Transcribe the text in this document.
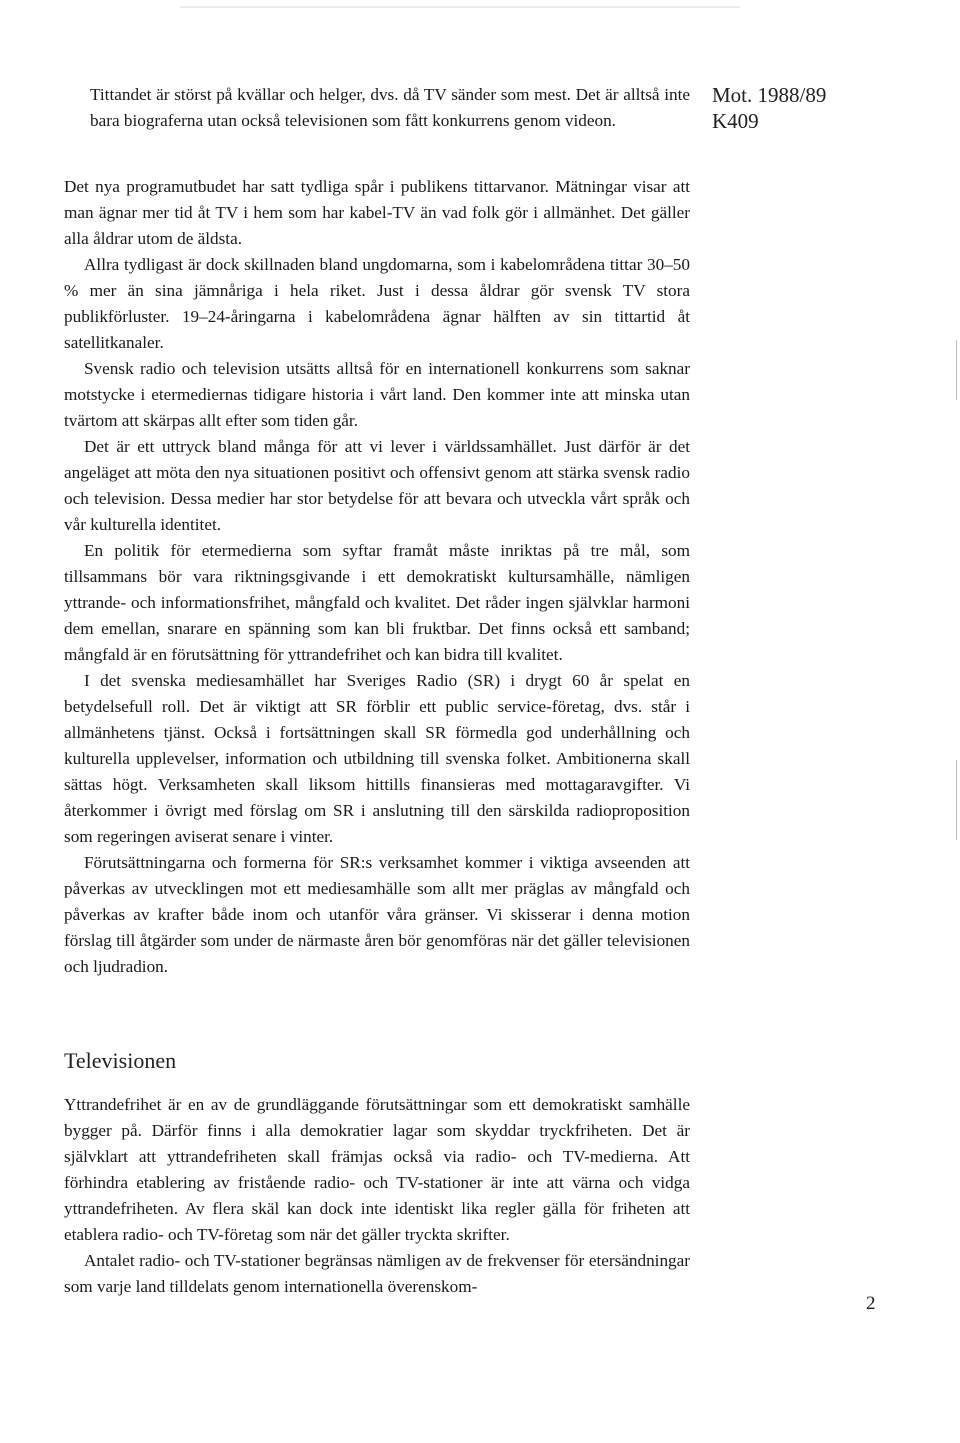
Mot. 1988/89
K409

Tittandet är störst på kvällar och helger, dvs. då TV sänder som mest. Det är alltså inte bara biograferna utan också televisionen som fått konkurrens genom videon.

Det nya programutbudet har satt tydliga spår i publikens tittarvanor. Mätningar visar att man ägnar mer tid åt TV i hem som har kabel-TV än vad folk gör i allmänhet. Det gäller alla åldrar utom de äldsta.

Allra tydligast är dock skillnaden bland ungdomarna, som i kabelområdena tittar 30–50 % mer än sina jämnåriga i hela riket. Just i dessa åldrar gör svensk TV stora publikförluster. 19–24-åringarna i kabelområdena ägnar hälften av sin tittartid åt satellitkanaler.

Svensk radio och television utsätts alltså för en internationell konkurrens som saknar motstycke i etermediernas tidigare historia i vårt land. Den kommer inte att minska utan tvärtom att skärpas allt efter som tiden går.

Det är ett uttryck bland många för att vi lever i världssamhället. Just därför är det angeläget att möta den nya situationen positivt och offensivt genom att stärka svensk radio och television. Dessa medier har stor betydelse för att bevara och utveckla vårt språk och vår kulturella identitet.

En politik för etermedierna som syftar framåt måste inriktas på tre mål, som tillsammans bör vara riktningsgivande i ett demokratiskt kultursamhälle, nämligen yttrande- och informationsfrihet, mångfald och kvalitet. Det råder ingen självklar harmoni dem emellan, snarare en spänning som kan bli fruktbar. Det finns också ett samband; mångfald är en förutsättning för yttrandefrihet och kan bidra till kvalitet.

I det svenska mediesamhället har Sveriges Radio (SR) i drygt 60 år spelat en betydelsefull roll. Det är viktigt att SR förblir ett public service-företag, dvs. står i allmänhetens tjänst. Också i fortsättningen skall SR förmedla god underhållning och kulturella upplevelser, information och utbildning till svenska folket. Ambitionerna skall sättas högt. Verksamheten skall liksom hittills finansieras med mottagaravgifter. Vi återkommer i övrigt med förslag om SR i anslutning till den särskilda radioproposition som regeringen aviserat senare i vinter.

Förutsättningarna och formerna för SR:s verksamhet kommer i viktiga avseenden att påverkas av utvecklingen mot ett mediesamhälle som allt mer präglas av mångfald och påverkas av krafter både inom och utanför våra gränser. Vi skisserar i denna motion förslag till åtgärder som under de närmaste åren bör genomföras när det gäller televisionen och ljudradion.

Televisionen

Yttrandefrihet är en av de grundläggande förutsättningar som ett demokratiskt samhälle bygger på. Därför finns i alla demokratier lagar som skyddar tryckfriheten. Det är självklart att yttrandefriheten skall främjas också via radio- och TV-medierna. Att förhindra etablering av fristående radio- och TV-stationer är inte att värna och vidga yttrandefriheten. Av flera skäl kan dock inte identiskt lika regler gälla för friheten att etablera radio- och TV-företag som när det gäller tryckta skrifter.

Antalet radio- och TV-stationer begränsas nämligen av de frekvenser för etersändningar som varje land tilldelats genom internationella överenskom-

2
